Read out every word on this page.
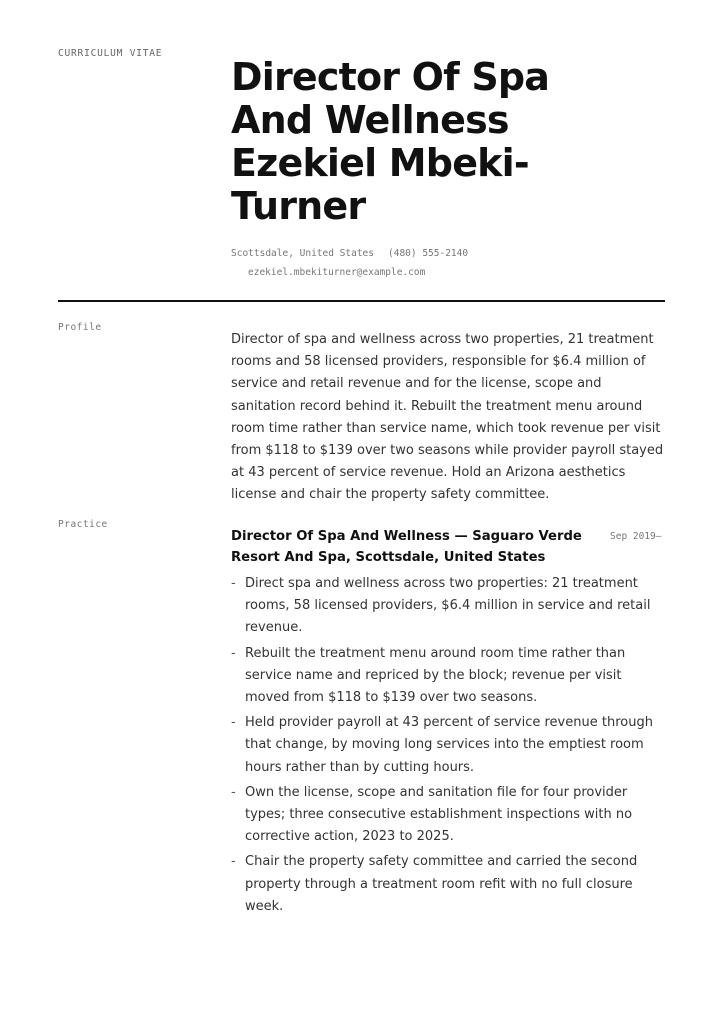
CURRICULUM VITAE
Director Of Spa
And Wellness
Ezekiel Mbeki-
Turner
Scottsdale, United States (480) 555-2140
ezekiel.mbekiturner@example.com
Profile
Director of spa and wellness across two properties, 21 treatment rooms and 58 licensed providers, responsible for $6.4 million of service and retail revenue and for the license, scope and sanitation record behind it. Rebuilt the treatment menu around room time rather than service name, which took revenue per visit from $118 to $139 over two seasons while provider payroll stayed at 43 percent of service revenue. Hold an Arizona aesthetics license and chair the property safety committee.
Practice
Director Of Spa And Wellness — Saguaro Verde Resort And Spa, Scottsdale, United States
Sep 2019–
- Direct spa and wellness across two properties: 21 treatment rooms, 58 licensed providers, $6.4 million in service and retail revenue.
- Rebuilt the treatment menu around room time rather than service name and repriced by the block; revenue per visit moved from $118 to $139 over two seasons.
- Held provider payroll at 43 percent of service revenue through that change, by moving long services into the emptiest room hours rather than by cutting hours.
- Own the license, scope and sanitation file for four provider types; three consecutive establishment inspections with no corrective action, 2023 to 2025.
- Chair the property safety committee and carried the second property through a treatment room refit with no full closure week.
